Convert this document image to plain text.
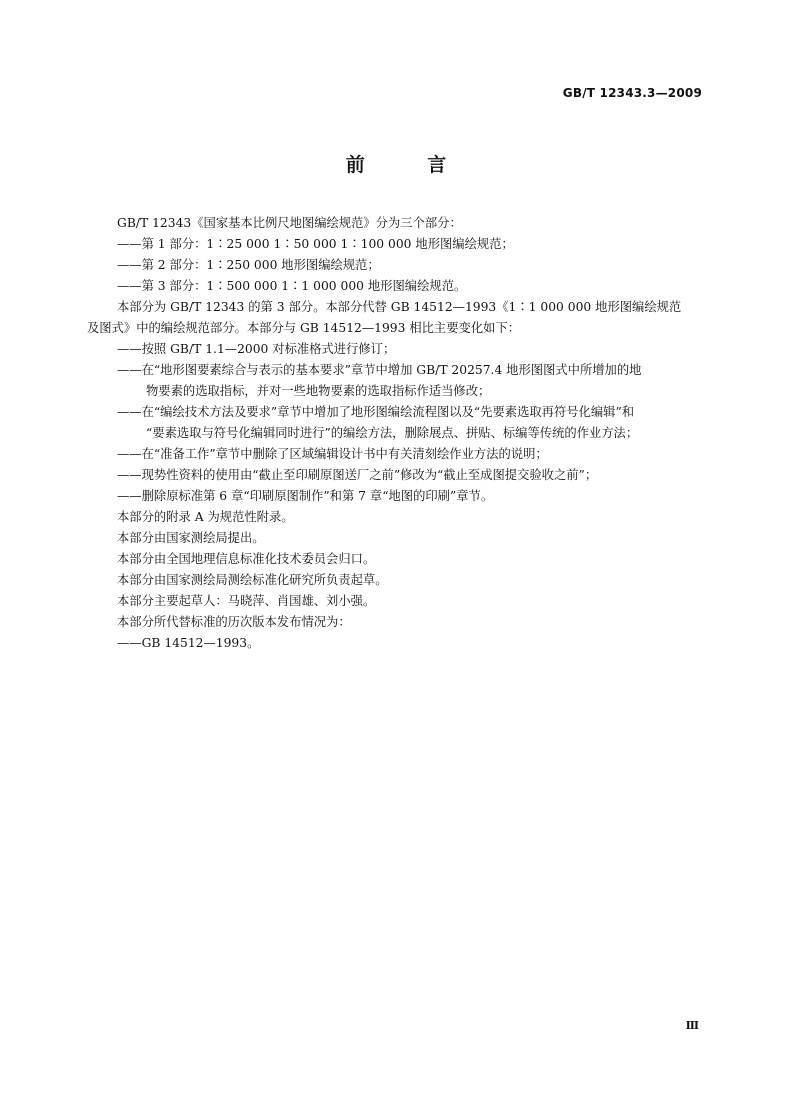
GB/T 12343.3—2009
前 言
GB/T 12343《国家基本比例尺地图编绘规范》分为三个部分：
——第 1 部分：1∶25 000 1∶50 000 1∶100 000 地形图编绘规范；
——第 2 部分：1∶250 000 地形图编绘规范；
——第 3 部分：1∶500 000 1∶1 000 000 地形图编绘规范。
本部分为 GB/T 12343 的第 3 部分。本部分代替 GB 14512—1993《1∶1 000 000 地形图编绘规范
及图式》中的编绘规范部分。本部分与 GB 14512—1993 相比主要变化如下：
——按照 GB/T 1.1—2000 对标准格式进行修订；
——在“地形图要素综合与表示的基本要求”章节中增加 GB/T 20257.4 地形图图式中所增加的地
物要素的选取指标，并对一些地物要素的选取指标作适当修改；
——在“编绘技术方法及要求”章节中增加了地形图编绘流程图以及“先要素选取再符号化编辑”和
“要素选取与符号化编辑同时进行”的编绘方法，删除展点、拼贴、标编等传统的作业方法；
——在“准备工作”章节中删除了区域编辑设计书中有关清刻绘作业方法的说明；
——现势性资料的使用由“截止至印刷原图送厂之前”修改为“截止至成图提交验收之前”；
——删除原标准第 6 章“印刷原图制作”和第 7 章“地图的印刷”章节。
本部分的附录 A 为规范性附录。
本部分由国家测绘局提出。
本部分由全国地理信息标准化技术委员会归口。
本部分由国家测绘局测绘标准化研究所负责起草。
本部分主要起草人：马晓萍、肖国雄、刘小强。
本部分所代替标准的历次版本发布情况为：
——GB 14512—1993。
Ⅲ
